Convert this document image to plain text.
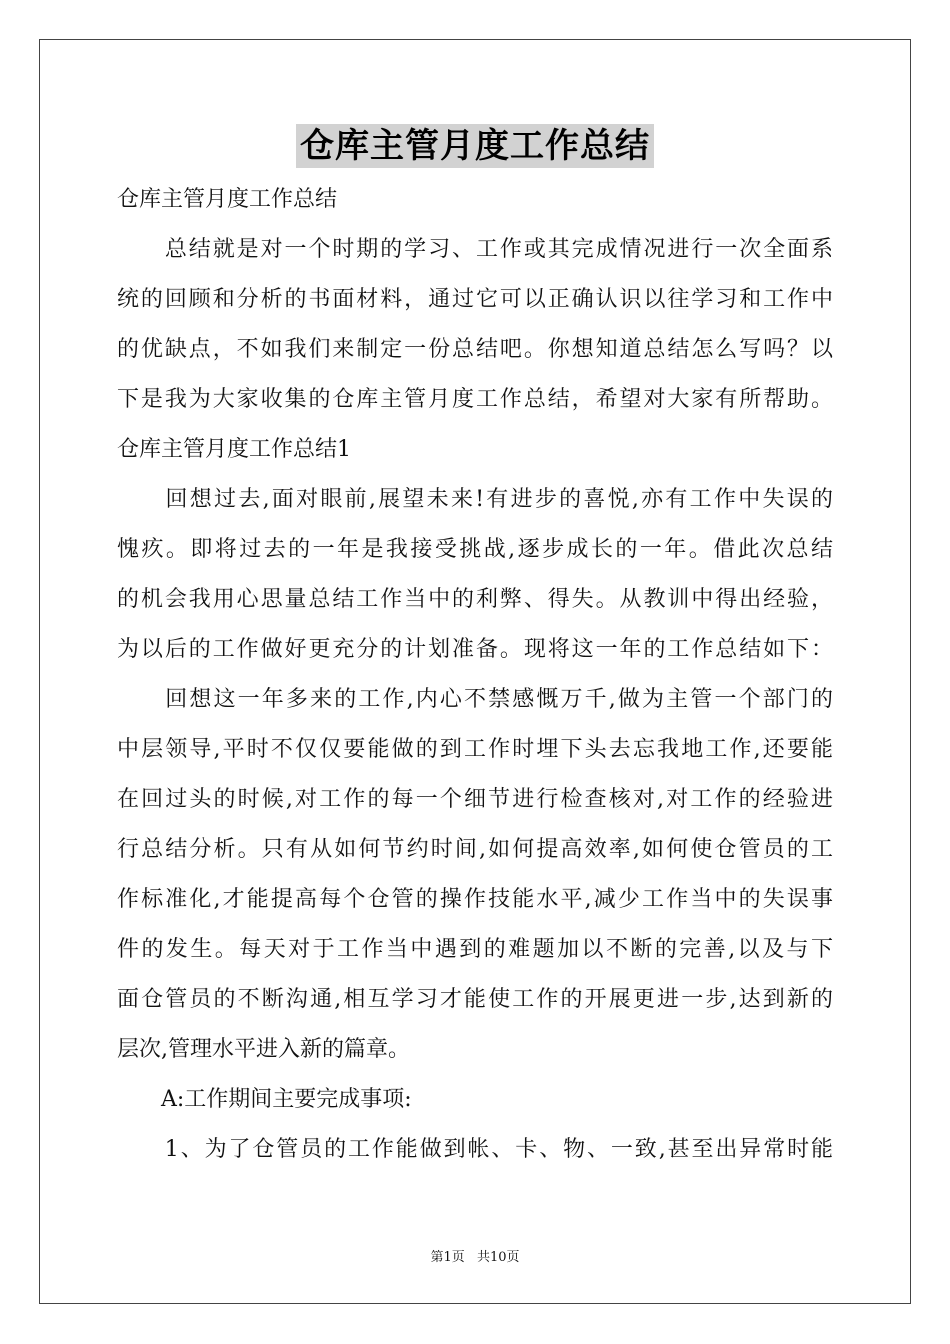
仓库主管月度工作总结

仓库主管月度工作总结

　　总结就是对一个时期的学习、工作或其完成情况进行一次全面系

统的回顾和分析的书面材料，通过它可以正确认识以往学习和工作中

的优缺点，不如我们来制定一份总结吧。你想知道总结怎么写吗？以

下是我为大家收集的仓库主管月度工作总结，希望对大家有所帮助。

仓库主管月度工作总结1

　　回想过去,面对眼前,展望未来!有进步的喜悦,亦有工作中失误的

愧疚。即将过去的一年是我接受挑战,逐步成长的一年。借此次总结

的机会我用心思量总结工作当中的利弊、得失。从教训中得出经验，

为以后的工作做好更充分的计划准备。现将这一年的工作总结如下：

　　回想这一年多来的工作,内心不禁感慨万千,做为主管一个部门的

中层领导,平时不仅仅要能做的到工作时埋下头去忘我地工作,还要能

在回过头的时候,对工作的每一个细节进行检查核对,对工作的经验进

行总结分析。只有从如何节约时间,如何提高效率,如何使仓管员的工

作标准化,才能提高每个仓管的操作技能水平,减少工作当中的失误事

件的发生。每天对于工作当中遇到的难题加以不断的完善,以及与下

面仓管员的不断沟通,相互学习才能使工作的开展更进一步,达到新的

层次,管理水平进入新的篇章。

　　A:工作期间主要完成事项:

　　1、为了仓管员的工作能做到帐、卡、物、一致,甚至出异常时能

第1页 共10页
